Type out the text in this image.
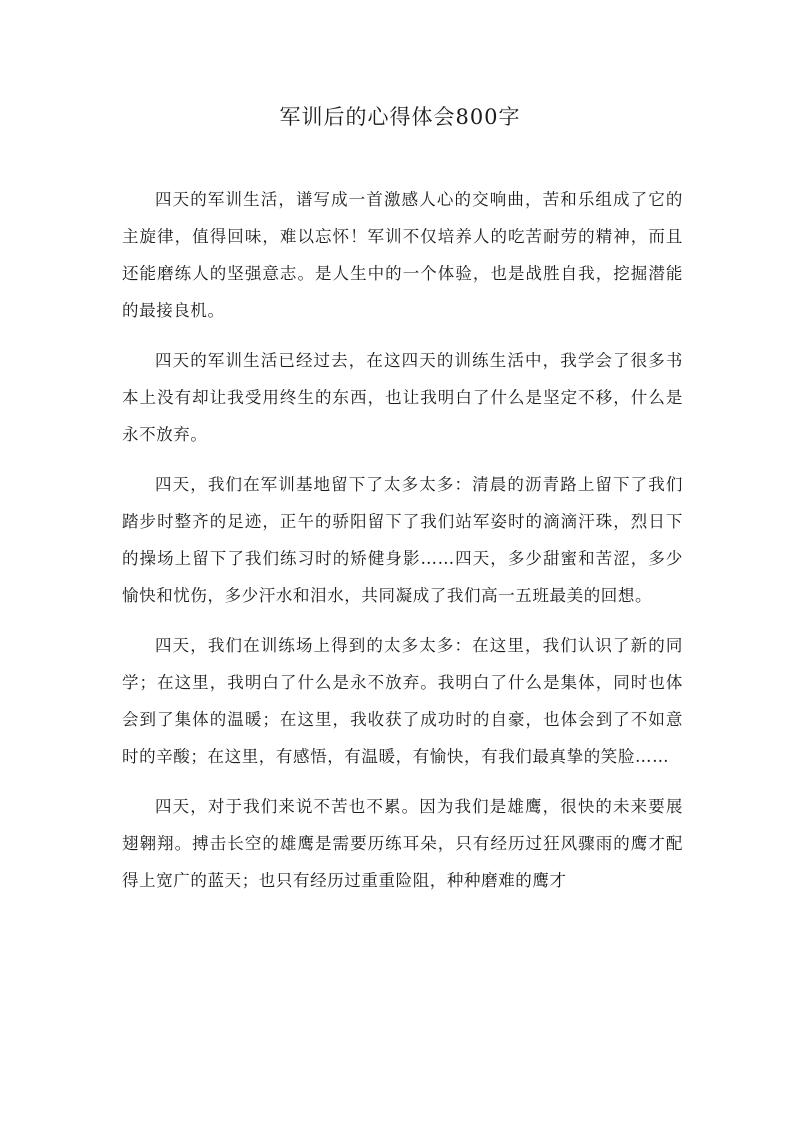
军训后的心得体会800字

四天的军训生活，谱写成一首激感人心的交响曲，苦和乐组成了它的主旋律，值得回味，难以忘怀！军训不仅培养人的吃苦耐劳的精神，而且还能磨练人的坚强意志。是人生中的一个体验，也是战胜自我，挖掘潜能的最接良机。

四天的军训生活已经过去，在这四天的训练生活中，我学会了很多书本上没有却让我受用终生的东西，也让我明白了什么是坚定不移，什么是永不放弃。

四天，我们在军训基地留下了太多太多：清晨的沥青路上留下了我们踏步时整齐的足迹，正午的骄阳留下了我们站军姿时的滴滴汗珠，烈日下的操场上留下了我们练习时的矫健身影……四天，多少甜蜜和苦涩，多少愉快和忧伤，多少汗水和泪水，共同凝成了我们高一五班最美的回想。

四天，我们在训练场上得到的太多太多：在这里，我们认识了新的同学；在这里，我明白了什么是永不放弃。我明白了什么是集体，同时也体会到了集体的温暖；在这里，我收获了成功时的自豪，也体会到了不如意时的辛酸；在这里，有感悟，有温暖，有愉快，有我们最真挚的笑脸……

四天，对于我们来说不苦也不累。因为我们是雄鹰，很快的未来要展翅翱翔。搏击长空的雄鹰是需要历练耳朵，只有经历过狂风骤雨的鹰才配得上宽广的蓝天；也只有经历过重重险阻，种种磨难的鹰才
